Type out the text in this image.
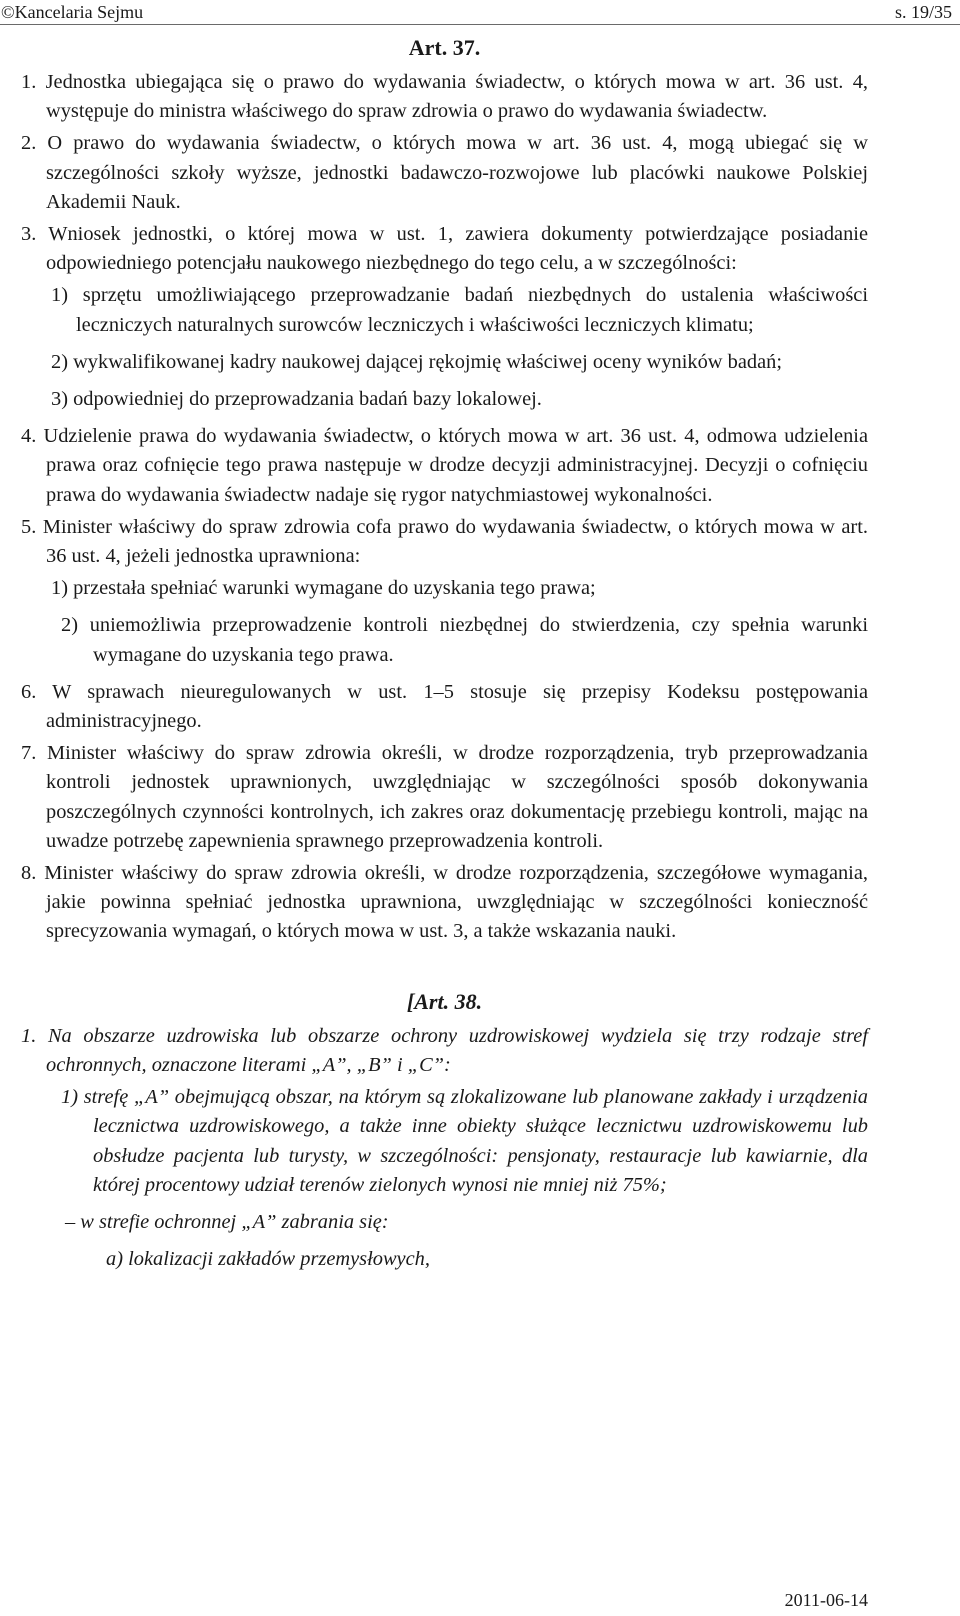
©Kancelaria Sejmu	s. 19/35
Art. 37.

1. Jednostka ubiegająca się o prawo do wydawania świadectw, o których mowa w art. 36 ust. 4, występuje do ministra właściwego do spraw zdrowia o prawo do wydawania świadectw.

2. O prawo do wydawania świadectw, o których mowa w art. 36 ust. 4, mogą ubiegać się w szczególności szkoły wyższe, jednostki badawczo-rozwojowe lub placówki naukowe Polskiej Akademii Nauk.

3. Wniosek jednostki, o której mowa w ust. 1, zawiera dokumenty potwierdzające posiadanie odpowiedniego potencjału naukowego niezbędnego do tego celu, a w szczególności:

1) sprzętu umożliwiającego przeprowadzanie badań niezbędnych do ustalenia właściwości leczniczych naturalnych surowców leczniczych i właściwości leczniczych klimatu;

2) wykwalifikowanej kadry naukowej dającej rękojmię właściwej oceny wyników badań;

3) odpowiedniej do przeprowadzania badań bazy lokalowej.

4. Udzielenie prawa do wydawania świadectw, o których mowa w art. 36 ust. 4, odmowa udzielenia prawa oraz cofnięcie tego prawa następuje w drodze decyzji administracyjnej. Decyzji o cofnięciu prawa do wydawania świadectw nadaje się rygor natychmiastowej wykonalności.

5. Minister właściwy do spraw zdrowia cofa prawo do wydawania świadectw, o których mowa w art. 36 ust. 4, jeżeli jednostka uprawniona:

1) przestała spełniać warunki wymagane do uzyskania tego prawa;

2) uniemożliwia przeprowadzenie kontroli niezbędnej do stwierdzenia, czy spełnia warunki wymagane do uzyskania tego prawa.

6. W sprawach nieuregulowanych w ust. 1–5 stosuje się przepisy Kodeksu postępowania administracyjnego.

7. Minister właściwy do spraw zdrowia określi, w drodze rozporządzenia, tryb przeprowadzania kontroli jednostek uprawnionych, uwzględniając w szczególności sposób dokonywania poszczególnych czynności kontrolnych, ich zakres oraz dokumentację przebiegu kontroli, mając na uwadze potrzebę zapewnienia sprawnego przeprowadzenia kontroli.

8. Minister właściwy do spraw zdrowia określi, w drodze rozporządzenia, szczegółowe wymagania, jakie powinna spełniać jednostka uprawniona, uwzględniając w szczególności konieczność sprecyzowania wymagań, o których mowa w ust. 3, a także wskazania nauki.

[Art. 38.

1. Na obszarze uzdrowiska lub obszarze ochrony uzdrowiskowej wydziela się trzy rodzaje stref ochronnych, oznaczone literami „A”, „B” i „C”:

1) strefę „A” obejmującą obszar, na którym są zlokalizowane lub planowane zakłady i urządzenia lecznictwa uzdrowiskowego, a także inne obiekty służące lecznictwu uzdrowiskowemu lub obsłudze pacjenta lub turysty, w szczególności: pensjonaty, restauracje lub kawiarnie, dla której procentowy udział terenów zielonych wynosi nie mniej niż 75%;

– w strefie ochronnej „A” zabrania się:

a) lokalizacji zakładów przemysłowych,

2011-06-14
